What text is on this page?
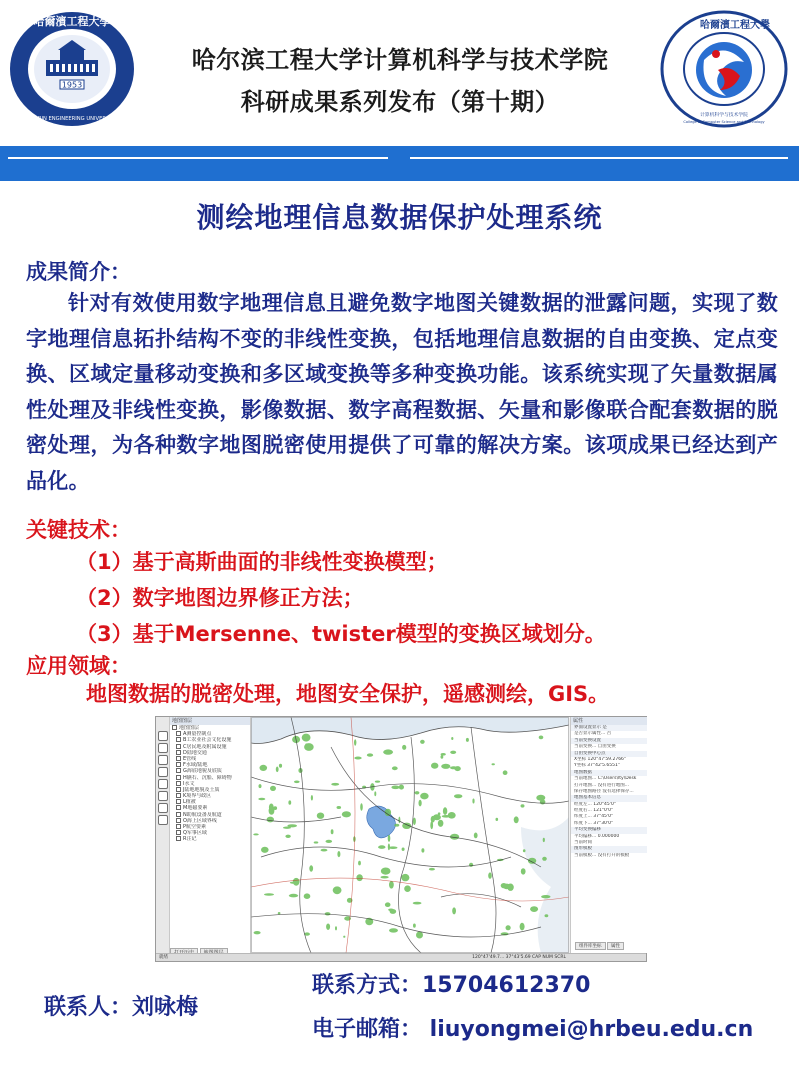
1953
哈爾濱工程大學
HARBIN ENGINEERING UNIVERSITY
哈尔滨工程大学计算机科学与技术学院
科研成果系列发布（第十期）
哈爾濱工程大學
计算机科学与技术学院
College of Computer Science and Technology
测绘地理信息数据保护处理系统
成果简介：
针对有效使用数字地理信息且避免数字地图关键数据的泄露问题，实现了数字地理信息拓扑结构不变的非线性变换，包括地理信息数据的自由变换、定点变换、区域定量移动变换和多区域变换等多种变换功能。该系统实现了矢量数据属性处理及非线性变换，影像数据、数字高程数据、矢量和影像联合配套数据的脱密处理，为各种数字地图脱密使用提供了可靠的解决方案。该项成果已经达到产品化。
关键技术：
（1）基于高斯曲面的非线性变换模型；
（2）数字地图边界修正方法；
（3）基于Mersenne、twister模型的变换区域划分。
应用领域：
地图数据的脱密处理，地图安全保护，遥感测绘，GIS。
地图图层
地图图层
A测量控制点
B工农业社会文化设施
C居民地及附属设施
D陆地交通
E管线
F水域/陆地
G海底地貌及底质
H礁石、沉船、障碍物
I水文
J陆地地貌及土质
K境界与政区
L植被
M地磁要素
N助航设备及航道
O海上区域界线
P航空要素
Q军事区域
R注记

属性
界面设置显示 是
是否显示属性... 否
当前变换设置
当前变换... 自由变换
自由变换中心点
X坐标 120°47'59.2766"
Y坐标 37°42'5.6551"
地图数据
当前地图... C:\Users\lty\Desk
打开地图... 没有进行地图...
保存地图路径 没有选择保存...
地图基本信息
经度左... 120°45'0"
经度右... 121°0'0"
纬度上... 37°45'0"
纬度下... 37°30'0"
平均变换偏移
平均偏移... 0.000000
当前时间
图形模板
当前模板... 没有打开的模板
组件库坐标 属性
就绪	120°47'49.7... 37°43'5.69 CAP NUM SCRL
联系人：刘咏梅
联系方式：15704612370
电子邮箱： liuyongmei@hrbeu.edu.cn
